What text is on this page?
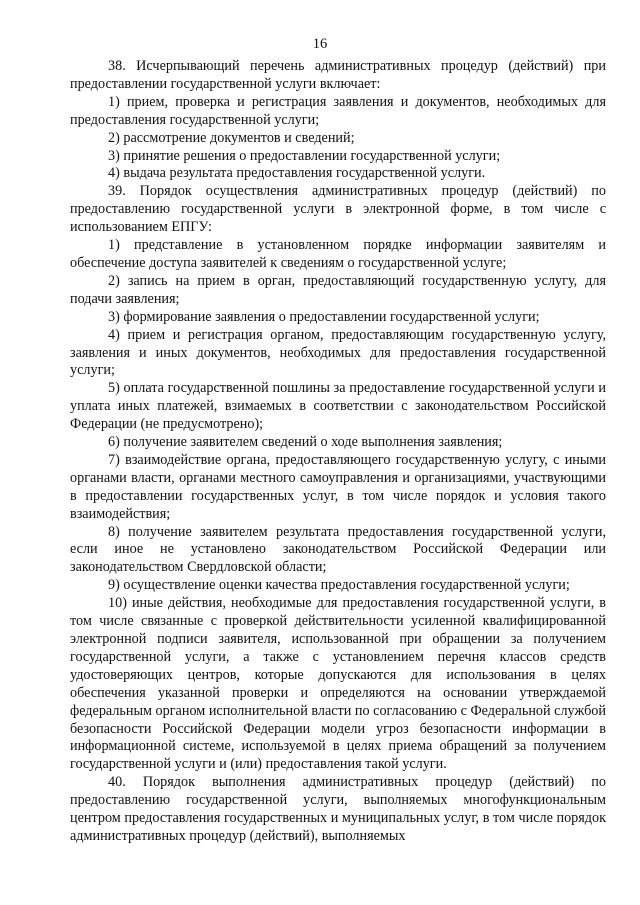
16

38. Исчерпывающий перечень административных процедур (действий) при предоставлении государственной услуги включает:

1) прием, проверка и регистрация заявления и документов, необходимых для предоставления государственной услуги;

2) рассмотрение документов и сведений;

3) принятие решения о предоставлении государственной услуги;

4) выдача результата предоставления государственной услуги.

39. Порядок осуществления административных процедур (действий) по предоставлению государственной услуги в электронной форме, в том числе с использованием ЕПГУ:

1) представление в установленном порядке информации заявителям и обеспечение доступа заявителей к сведениям о государственной услуге;

2) запись на прием в орган, предоставляющий государственную услугу, для подачи заявления;

3) формирование заявления о предоставлении государственной услуги;

4) прием и регистрация органом, предоставляющим государственную услугу, заявления и иных документов, необходимых для предоставления государственной услуги;

5) оплата государственной пошлины за предоставление государственной услуги и уплата иных платежей, взимаемых в соответствии с законодательством Российской Федерации (не предусмотрено);

6) получение заявителем сведений о ходе выполнения заявления;

7) взаимодействие органа, предоставляющего государственную услугу, с иными органами власти, органами местного самоуправления и организациями, участвующими в предоставлении государственных услуг, в том числе порядок и условия такого взаимодействия;

8) получение заявителем результата предоставления государственной услуги, если иное не установлено законодательством Российской Федерации или законодательством Свердловской области;

9) осуществление оценки качества предоставления государственной услуги;

10) иные действия, необходимые для предоставления государственной услуги, в том числе связанные с проверкой действительности усиленной квалифицированной электронной подписи заявителя, использованной при обращении за получением государственной услуги, а также с установлением перечня классов средств удостоверяющих центров, которые допускаются для использования в целях обеспечения указанной проверки и определяются на основании утверждаемой федеральным органом исполнительной власти по согласованию с Федеральной службой безопасности Российской Федерации модели угроз безопасности информации в информационной системе, используемой в целях приема обращений за получением государственной услуги и (или) предоставления такой услуги.

40. Порядок выполнения административных процедур (действий) по предоставлению государственной услуги, выполняемых многофункциональным центром предоставления государственных и муниципальных услуг, в том числе порядок административных процедур (действий), выполняемых
